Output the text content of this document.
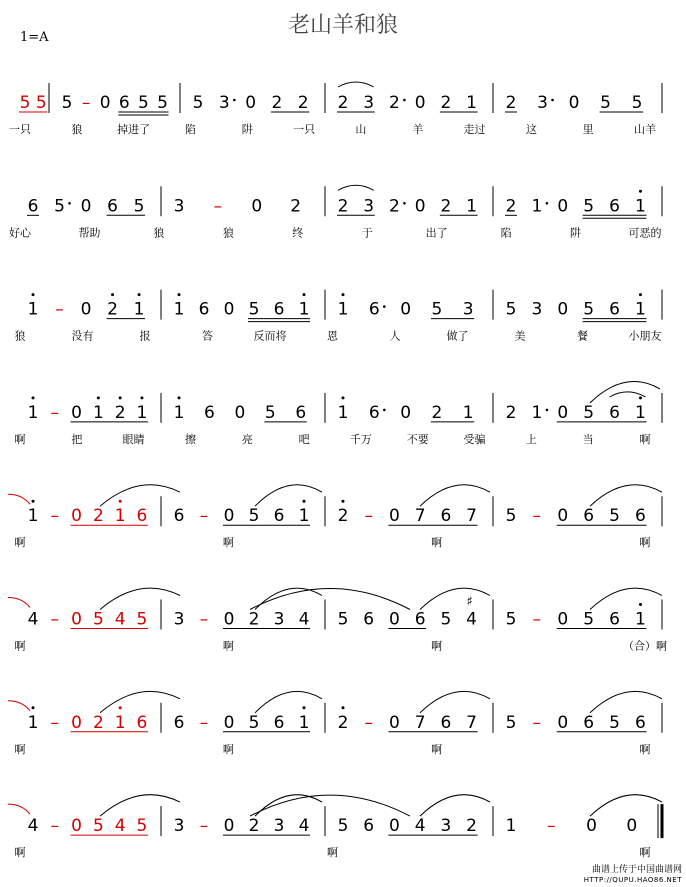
老山羊和狼
1=A
5 5 5 – 0 6 5 5 5 3 0 2 2 2 3 2 0 2 1 2 3 0 5 5
一只	狼	掉进了	陷	阱	一只	山	羊	走过	这	里	山羊
6 5 0 6 5 3 – 0 2 2 3 2 0 2 1 2 1 0 5 6 1
好心	帮助	狼	狼	终	于	出了	陷	阱	可恶的
1 – 0 2 1 1 6 0 5 6 1 1 6 0 5 3 5 3 0 5 6 1
狼	没有	报	答	反而将	恩	人	做了	美	餐	小朋友
1 – 0 1 2 1 1 6 0 5 6 1 6 0 2 1 2 1 0 5 6 1
啊	把	眼睛	擦	亮	吧	千万	不要	受骗	上	当	啊
1 – 0 2 1 6 6 – 0 5 6 1 2 – 0 7 6 7 5 – 0 6 5 6
啊	啊	啊	啊
4 – 0 5 4 5 3 – 0 2 3 4 5 6 0 6 5 4
♯
5 – 0 5 6 1
啊	啊	啊	（合）啊
1 – 0 2 1 6 6 – 0 5 6 1 2 – 0 7 6 7 5 – 0 6 5 6
啊	啊	啊	啊
4 – 0 5 4 5 3 – 0 2 3 4 5 6 0 4 3 2 1 – 0 0
啊	啊	啊
曲谱上传于中国曲谱网
HTTP://QUPU.HAO86.NET
